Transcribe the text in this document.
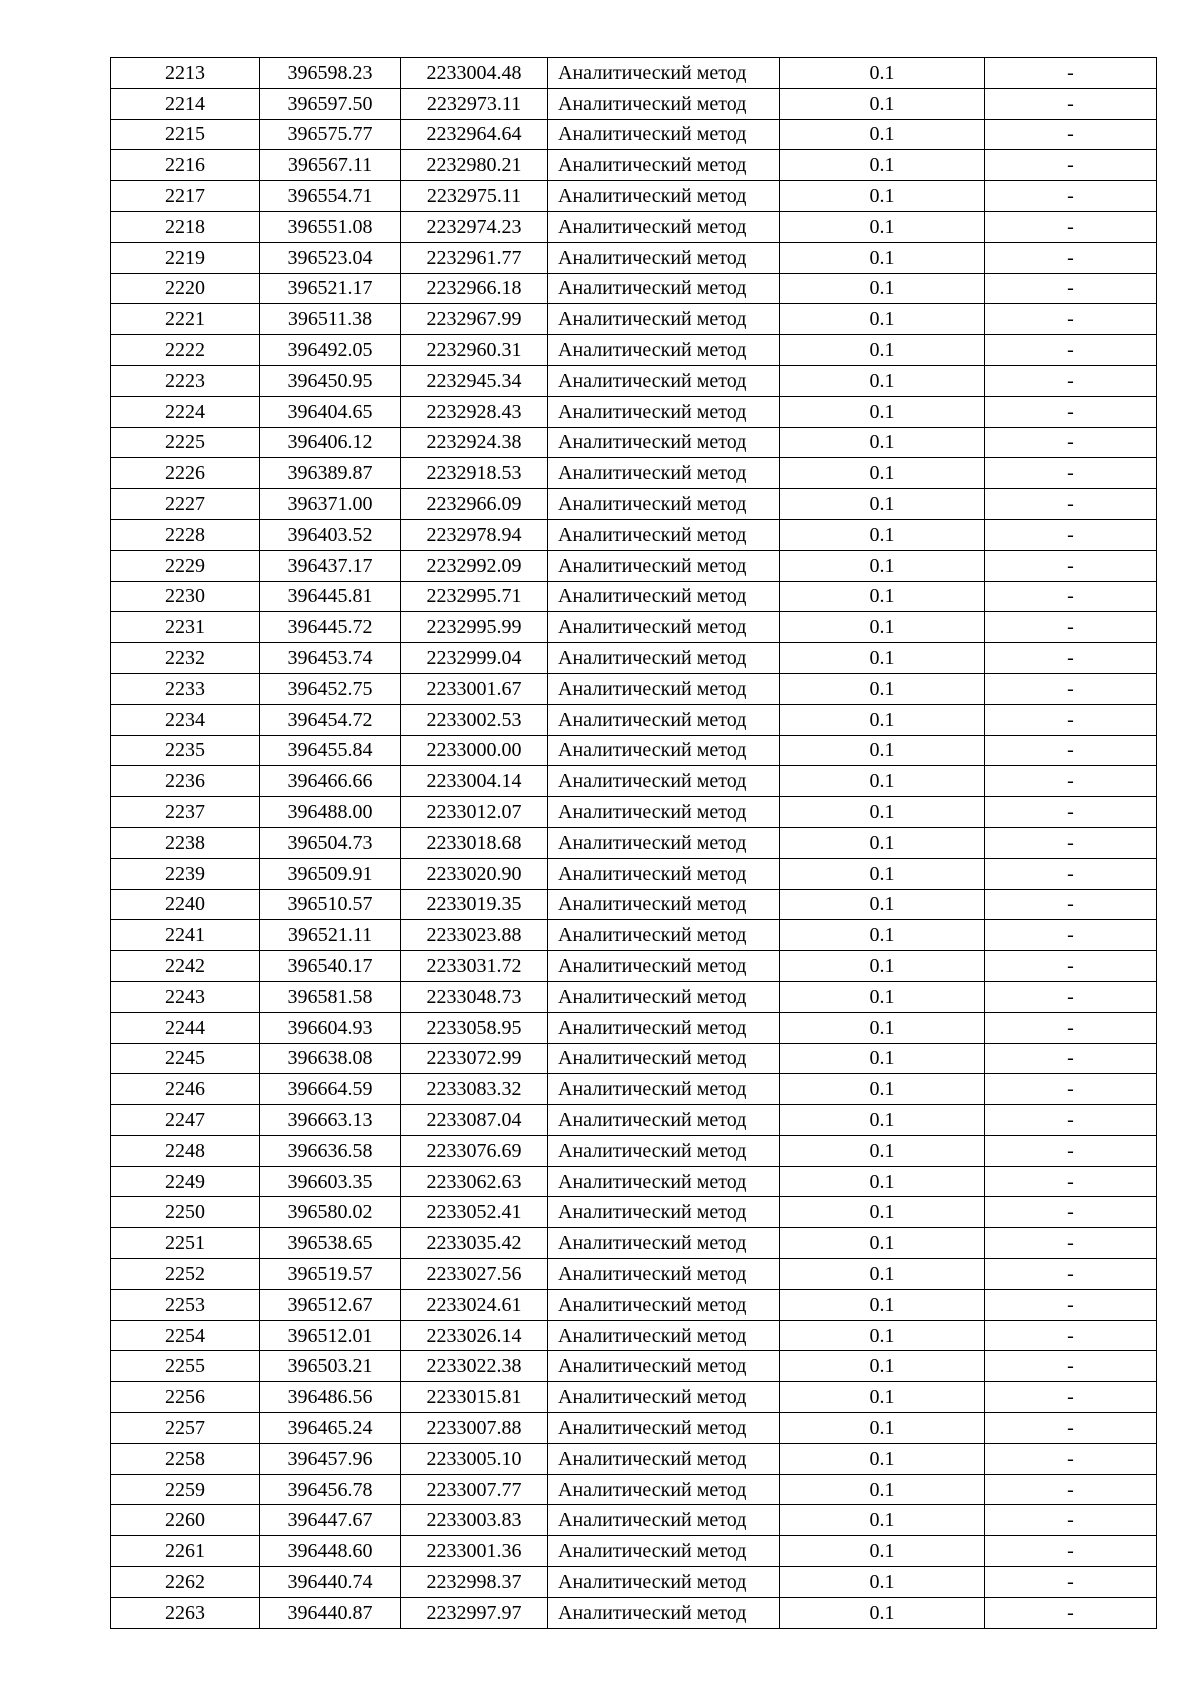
2213	396598.23	2233004.48	Аналитический метод	0.1	-
2214	396597.50	2232973.11	Аналитический метод	0.1	-
2215	396575.77	2232964.64	Аналитический метод	0.1	-
2216	396567.11	2232980.21	Аналитический метод	0.1	-
2217	396554.71	2232975.11	Аналитический метод	0.1	-
2218	396551.08	2232974.23	Аналитический метод	0.1	-
2219	396523.04	2232961.77	Аналитический метод	0.1	-
2220	396521.17	2232966.18	Аналитический метод	0.1	-
2221	396511.38	2232967.99	Аналитический метод	0.1	-
2222	396492.05	2232960.31	Аналитический метод	0.1	-
2223	396450.95	2232945.34	Аналитический метод	0.1	-
2224	396404.65	2232928.43	Аналитический метод	0.1	-
2225	396406.12	2232924.38	Аналитический метод	0.1	-
2226	396389.87	2232918.53	Аналитический метод	0.1	-
2227	396371.00	2232966.09	Аналитический метод	0.1	-
2228	396403.52	2232978.94	Аналитический метод	0.1	-
2229	396437.17	2232992.09	Аналитический метод	0.1	-
2230	396445.81	2232995.71	Аналитический метод	0.1	-
2231	396445.72	2232995.99	Аналитический метод	0.1	-
2232	396453.74	2232999.04	Аналитический метод	0.1	-
2233	396452.75	2233001.67	Аналитический метод	0.1	-
2234	396454.72	2233002.53	Аналитический метод	0.1	-
2235	396455.84	2233000.00	Аналитический метод	0.1	-
2236	396466.66	2233004.14	Аналитический метод	0.1	-
2237	396488.00	2233012.07	Аналитический метод	0.1	-
2238	396504.73	2233018.68	Аналитический метод	0.1	-
2239	396509.91	2233020.90	Аналитический метод	0.1	-
2240	396510.57	2233019.35	Аналитический метод	0.1	-
2241	396521.11	2233023.88	Аналитический метод	0.1	-
2242	396540.17	2233031.72	Аналитический метод	0.1	-
2243	396581.58	2233048.73	Аналитический метод	0.1	-
2244	396604.93	2233058.95	Аналитический метод	0.1	-
2245	396638.08	2233072.99	Аналитический метод	0.1	-
2246	396664.59	2233083.32	Аналитический метод	0.1	-
2247	396663.13	2233087.04	Аналитический метод	0.1	-
2248	396636.58	2233076.69	Аналитический метод	0.1	-
2249	396603.35	2233062.63	Аналитический метод	0.1	-
2250	396580.02	2233052.41	Аналитический метод	0.1	-
2251	396538.65	2233035.42	Аналитический метод	0.1	-
2252	396519.57	2233027.56	Аналитический метод	0.1	-
2253	396512.67	2233024.61	Аналитический метод	0.1	-
2254	396512.01	2233026.14	Аналитический метод	0.1	-
2255	396503.21	2233022.38	Аналитический метод	0.1	-
2256	396486.56	2233015.81	Аналитический метод	0.1	-
2257	396465.24	2233007.88	Аналитический метод	0.1	-
2258	396457.96	2233005.10	Аналитический метод	0.1	-
2259	396456.78	2233007.77	Аналитический метод	0.1	-
2260	396447.67	2233003.83	Аналитический метод	0.1	-
2261	396448.60	2233001.36	Аналитический метод	0.1	-
2262	396440.74	2232998.37	Аналитический метод	0.1	-
2263	396440.87	2232997.97	Аналитический метод	0.1	-
